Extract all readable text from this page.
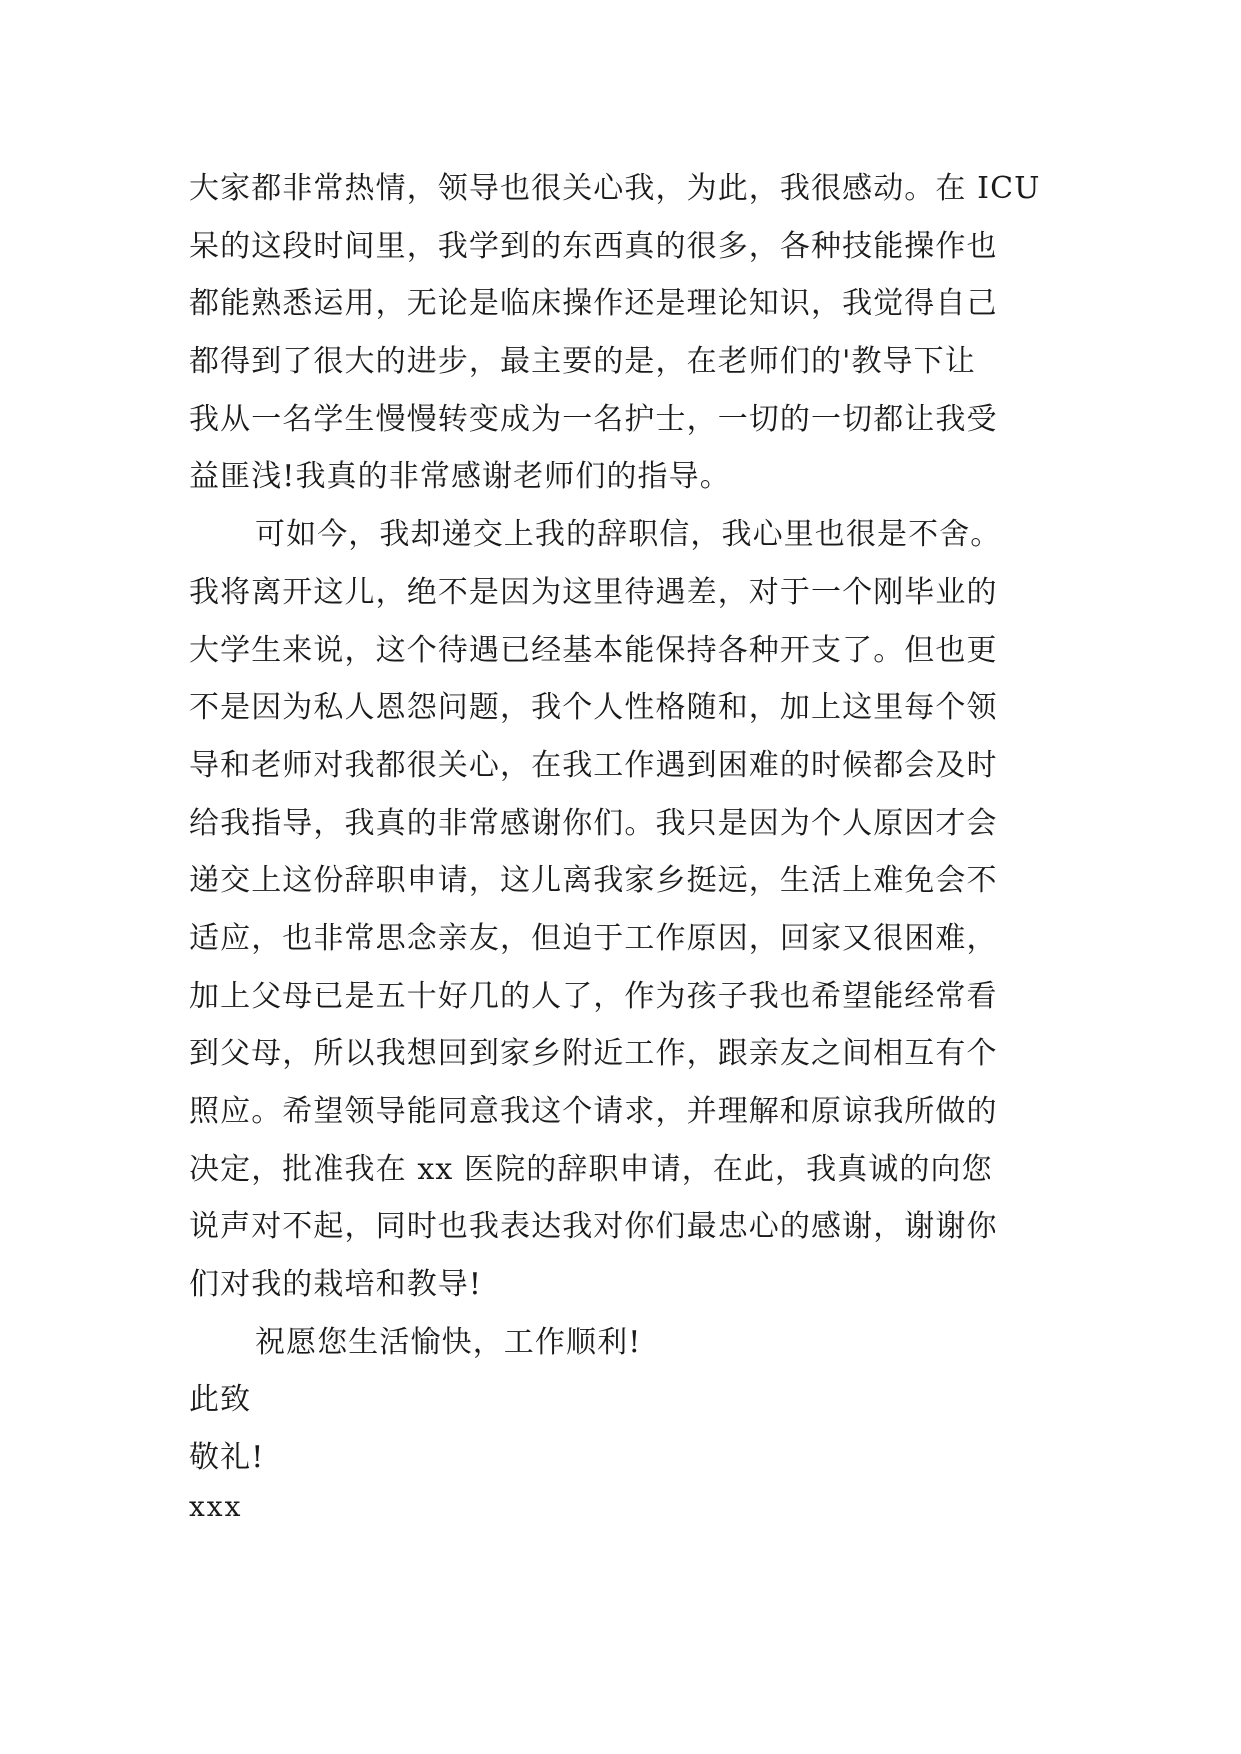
大家都非常热情，领导也很关心我，为此，我很感动。在 ICU
呆的这段时间里，我学到的东西真的很多，各种技能操作也
都能熟悉运用，无论是临床操作还是理论知识，我觉得自己
都得到了很大的进步，最主要的是，在老师们的'教导下让
我从一名学生慢慢转变成为一名护士，一切的一切都让我受
益匪浅!我真的非常感谢老师们的指导。
可如今，我却递交上我的辞职信，我心里也很是不舍。
我将离开这儿，绝不是因为这里待遇差，对于一个刚毕业的
大学生来说，这个待遇已经基本能保持各种开支了。但也更
不是因为私人恩怨问题，我个人性格随和，加上这里每个领
导和老师对我都很关心，在我工作遇到困难的时候都会及时
给我指导，我真的非常感谢你们。我只是因为个人原因才会
递交上这份辞职申请，这儿离我家乡挺远，生活上难免会不
适应，也非常思念亲友，但迫于工作原因，回家又很困难，
加上父母已是五十好几的人了，作为孩子我也希望能经常看
到父母，所以我想回到家乡附近工作，跟亲友之间相互有个
照应。希望领导能同意我这个请求，并理解和原谅我所做的
决定，批准我在 xx 医院的辞职申请，在此，我真诚的向您
说声对不起，同时也我表达我对你们最忠心的感谢，谢谢你
们对我的栽培和教导!
祝愿您生活愉快，工作顺利!
此致
敬礼!
xxx
